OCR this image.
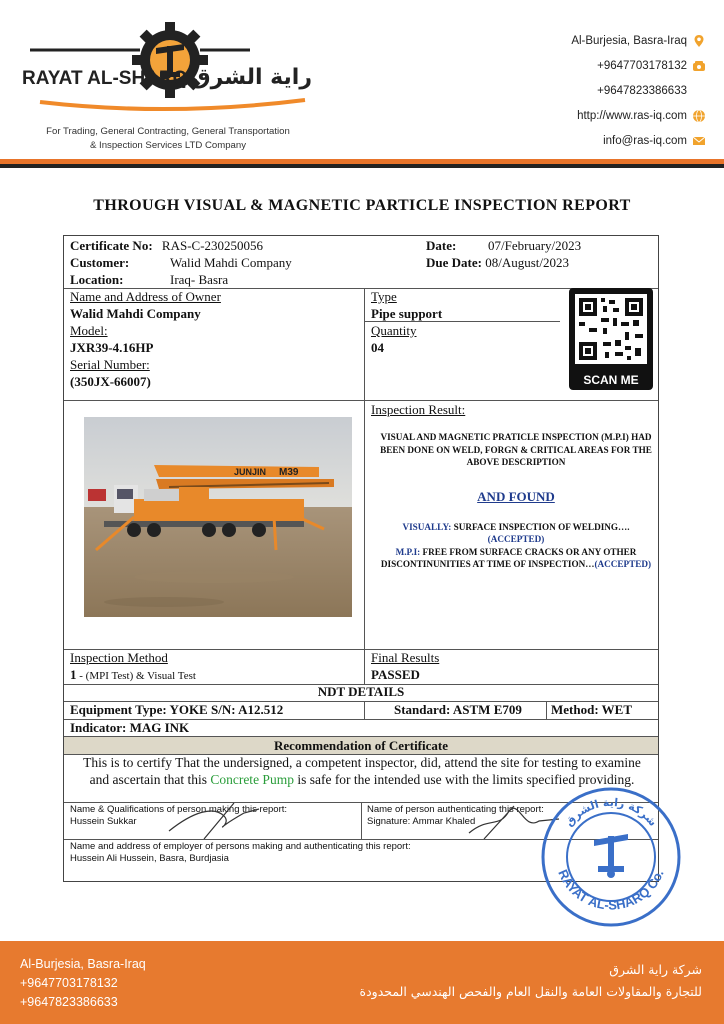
RAYAT AL-SHARQ راية الشرق
For Trading, General Contracting, General Transportation
& Inspection Services LTD Company
Al-Burjesia, Basra-Iraq
+9647703178132
+9647823386633
http://www.ras-iq.com
info@ras-iq.com
THROUGH VISUAL & MAGNETIC PARTICLE INSPECTION REPORT
Certificate No: RAS-C-230250056
Customer:	Walid Mahdi Company
Location:	Iraq- Basra
Date: 07/February/2023
Due Date: 08/August/2023
Name and Address of Owner
Walid Mahdi Company
Model:
JXR39-4.16HP
Serial Number:
(350JX-66007)
Type
Pipe support
Quantity
04
SCAN ME
JUNJIN M39
Inspection Result:
VISUAL AND MAGNETIC PRATICLE INSPECTION (M.P.I) HAD BEEN DONE ON WELD, FORGN & CRITICAL AREAS FOR THE ABOVE DESCRIPTION
AND FOUND
VISUALLY: SURFACE INSPECTION OF WELDING…. (ACCEPTED)
M.P.I: FREE FROM SURFACE CRACKS OR ANY OTHER DISCONTINUNITIES AT TIME OF INSPECTION…(ACCEPTED)
Inspection Method
1 - (MPI Test) & Visual Test
Final Results
PASSED
NDT DETAILS
Equipment Type: YOKE S/N: A12.512	Standard: ASTM E709 Method: WET
Indicator: MAG INK
Recommendation of Certificate
This is to certify That the undersigned, a competent inspector, did, attend the site for testing to examine and ascertain that this Concrete Pump is safe for the intended use with the limits specified providing.
Name & Qualifications of person making this report:
Hussein Sukkar
Name of person authenticating this report:
Signature: Ammar Khaled
Name and address of employer of persons making and authenticating this report:
Hussein Ali Hussein, Basra, Burdjasia
RAYAT AL-SHARQ Co.
شركة راية الشرق
Al-Burjesia, Basra-Iraq
+9647703178132
+9647823386633
شركة راية الشرق
للتجارة والمقاولات العامة والنقل العام والفحص الهندسي المحدودة
